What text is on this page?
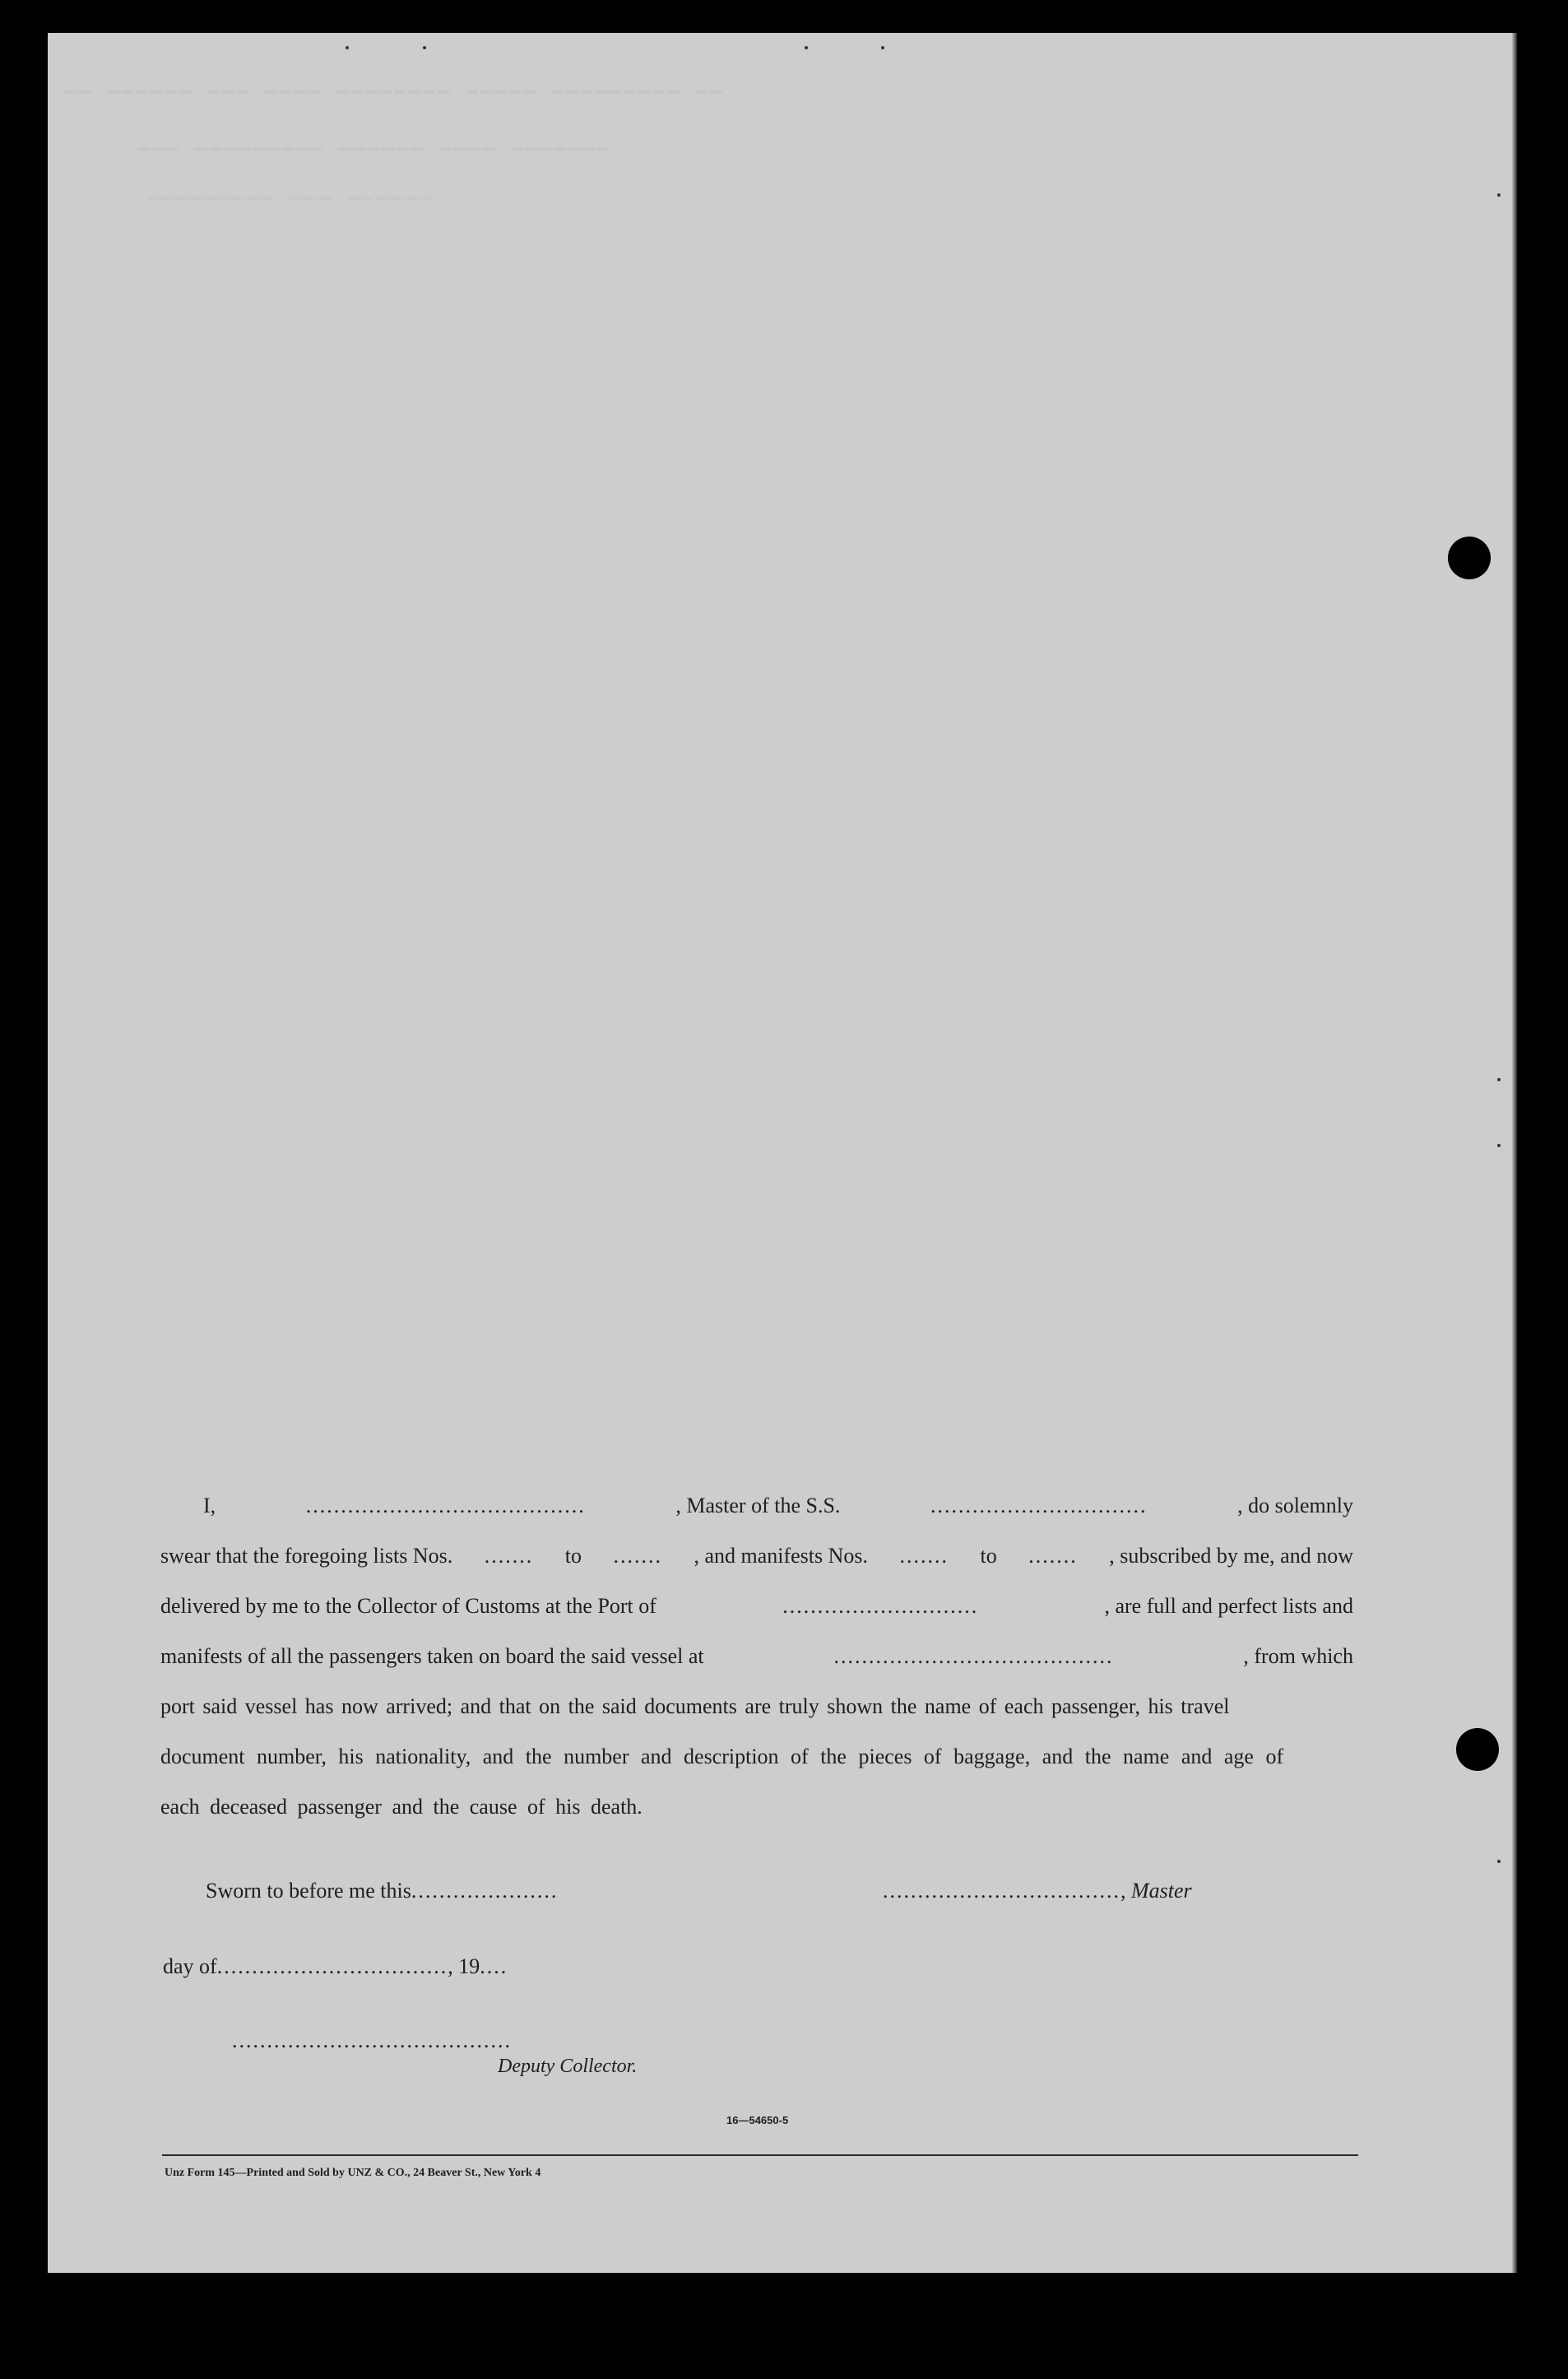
▔▔ ▔▔▔▔▔▔ ▔▔▔ ▔▔▔▔ ▔▔▔▔▔▔▔▔ ▔▔▔▔▔ ▔▔▔▔▔▔▔▔▔ ▔▔
▔▔▔ ▔▔▔▔▔▔▔▔▔ ▔▔▔▔▔▔ ▔▔▔▔ ▔▔▔▔▔▔▔
▔▔▔▔▔▔▔▔▔ ▔▔▔ ▔▔▔▔▔▔
I,	........................................	, Master of the S.S.	...............................	, do solemnly
swear that the foregoing lists Nos. ....... to ....... , and manifests Nos. ....... to ....... , subscribed by me, and now
delivered by me to the Collector of Customs at the Port of	............................	, are full and perfect lists and
manifests of all the passengers taken on board the said vessel at	........................................	, from which
port said vessel has now arrived; and that on the said documents are truly shown the name of each passenger, his travel
document number, his nationality, and the number and description of the pieces of baggage, and the name and age of
each deceased passenger and the cause of his death.
Sworn to before me this.....................	.................................., Master
day of................................., 19....
........................................
Deputy Collector.
16—54650-5
Unz Form 145—Printed and Sold by UNZ & CO., 24 Beaver St., New York 4
